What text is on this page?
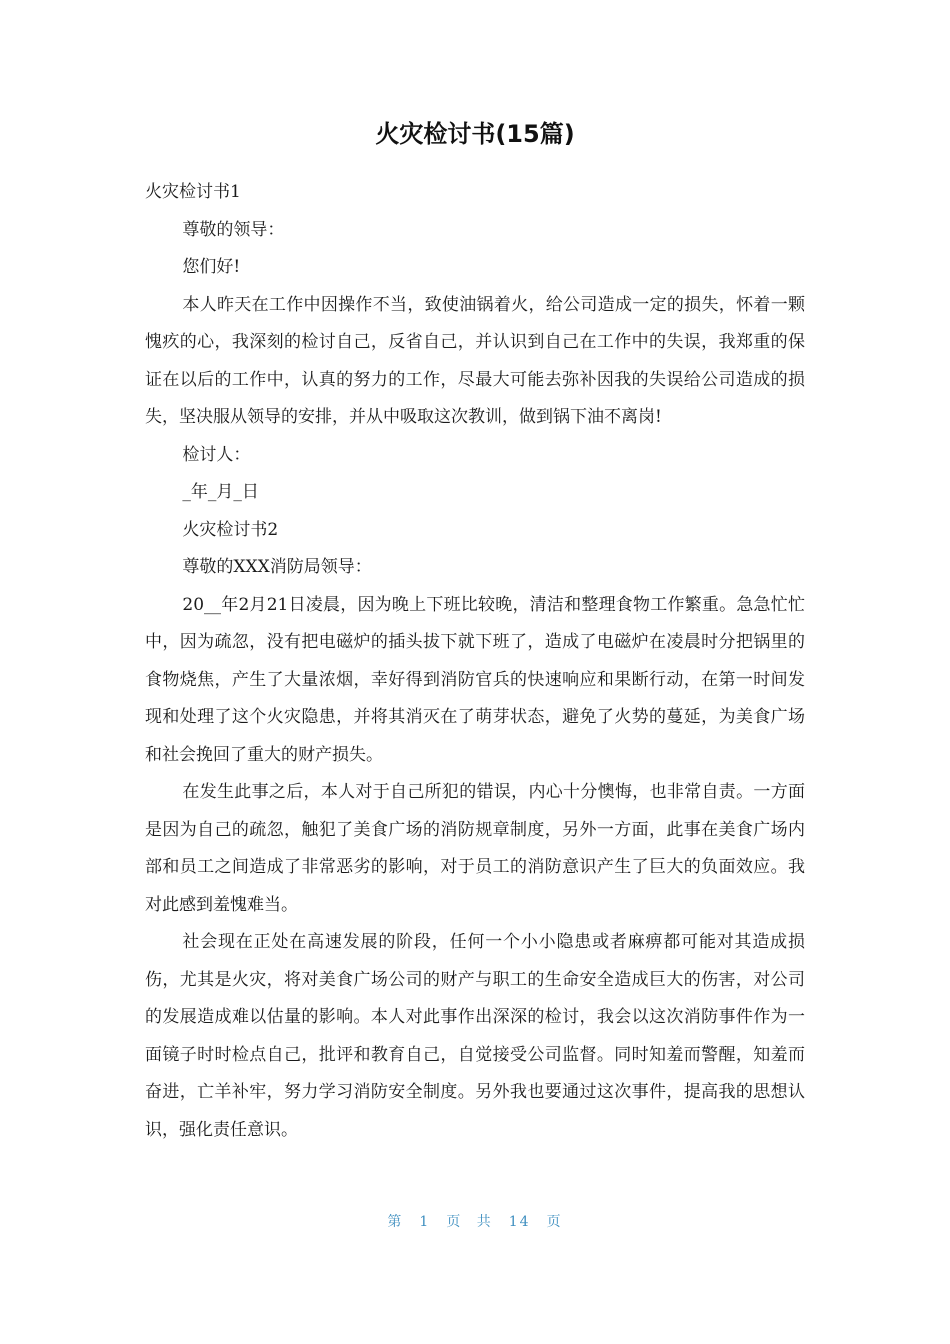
火灾检讨书(15篇)

火灾检讨书1

尊敬的领导：

您们好!

本人昨天在工作中因操作不当，致使油锅着火，给公司造成一定的损失，怀着一颗愧疚的心，我深刻的检讨自己，反省自己，并认识到自己在工作中的失误，我郑重的保证在以后的工作中，认真的努力的工作，尽最大可能去弥补因我的失误给公司造成的损失，坚决服从领导的安排，并从中吸取这次教训，做到锅下油不离岗!

检讨人：

_年_月_日

火灾检讨书2

尊敬的XXX消防局领导：

20__年2月21日凌晨，因为晚上下班比较晚，清洁和整理食物工作繁重。急急忙忙中，因为疏忽，没有把电磁炉的插头拔下就下班了，造成了电磁炉在凌晨时分把锅里的食物烧焦，产生了大量浓烟，幸好得到消防官兵的快速响应和果断行动，在第一时间发现和处理了这个火灾隐患，并将其消灭在了萌芽状态，避免了火势的蔓延，为美食广场和社会挽回了重大的财产损失。

在发生此事之后，本人对于自己所犯的错误，内心十分懊悔，也非常自责。一方面是因为自己的疏忽，触犯了美食广场的消防规章制度，另外一方面，此事在美食广场内部和员工之间造成了非常恶劣的影响，对于员工的消防意识产生了巨大的负面效应。我对此感到羞愧难当。

社会现在正处在高速发展的阶段，任何一个小小隐患或者麻痹都可能对其造成损伤，尤其是火灾，将对美食广场公司的财产与职工的生命安全造成巨大的伤害，对公司的发展造成难以估量的影响。本人对此事作出深深的检讨，我会以这次消防事件作为一面镜子时时检点自己，批评和教育自己，自觉接受公司监督。同时知羞而警醒，知羞而奋进，亡羊补牢，努力学习消防安全制度。另外我也要通过这次事件，提高我的思想认识，强化责任意识。

第 1 页 共 14 页
